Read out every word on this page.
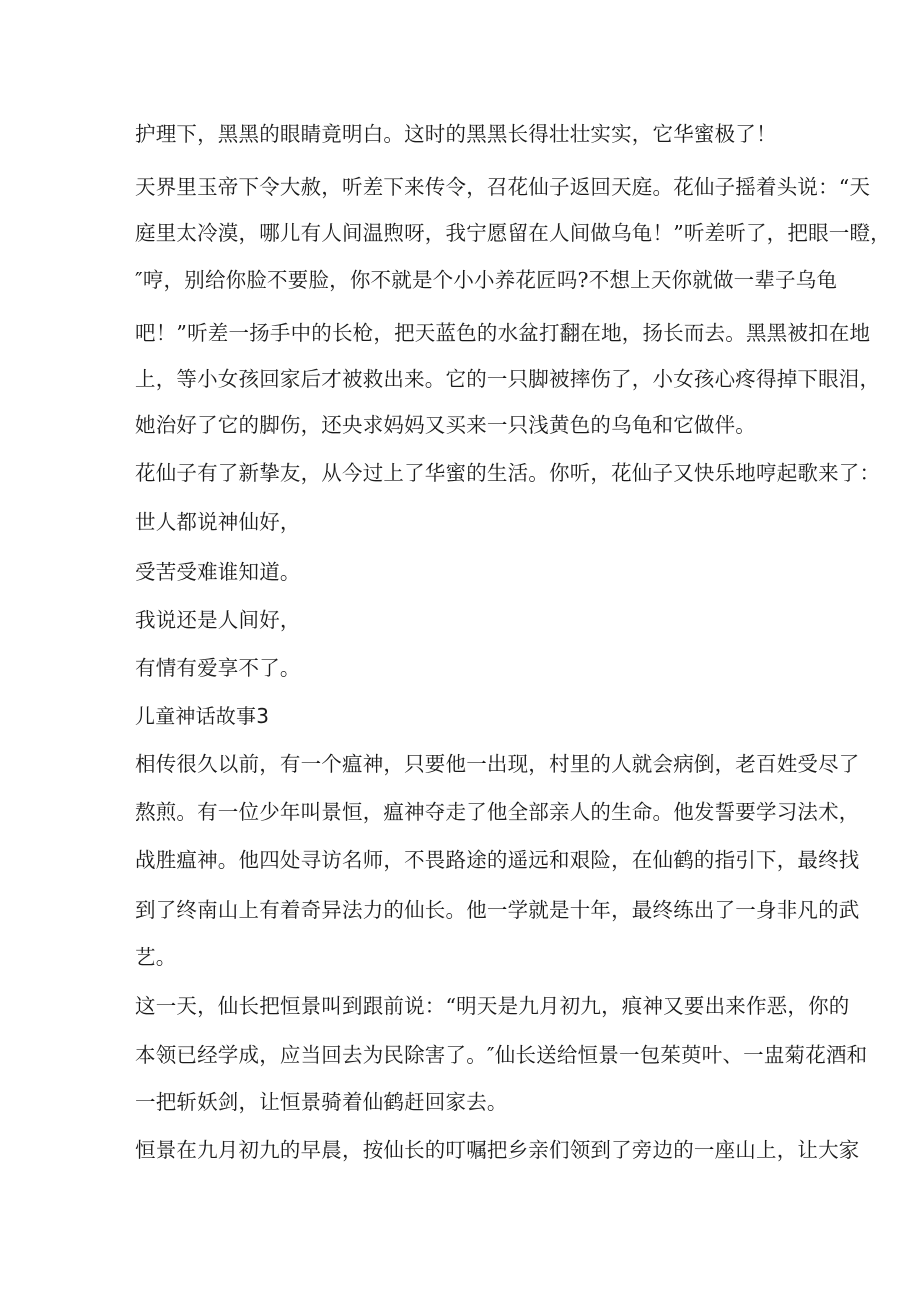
护理下，黑黑的眼睛竟明白。这时的黑黑长得壮壮实实，它华蜜极了！
天界里玉帝下令大赦，听差下来传令，召花仙子返回天庭。花仙子摇着头说：“天
庭里太冷漠，哪儿有人间温煦呀，我宁愿留在人间做乌龟！”听差听了，把眼一瞪，
″哼，别给你脸不要脸，你不就是个小小养花匠吗?不想上天你就做一辈子乌龟
吧！”听差一扬手中的长枪，把天蓝色的水盆打翻在地，扬长而去。黑黑被扣在地
上，等小女孩回家后才被救出来。它的一只脚被摔伤了，小女孩心疼得掉下眼泪，
她治好了它的脚伤，还央求妈妈又买来一只浅黄色的乌龟和它做伴。
花仙子有了新挚友，从今过上了华蜜的生活。你听，花仙子又快乐地哼起歌来了：
世人都说神仙好，
受苦受难谁知道。
我说还是人间好，
有情有爱享不了。
儿童神话故事3
相传很久以前，有一个瘟神，只要他一出现，村里的人就会病倒，老百姓受尽了
熬煎。有一位少年叫景恒，瘟神夺走了他全部亲人的生命。他发誓要学习法术，
战胜瘟神。他四处寻访名师，不畏路途的遥远和艰险，在仙鹤的指引下，最终找
到了终南山上有着奇异法力的仙长。他一学就是十年，最终练出了一身非凡的武
艺。
这一天，仙长把恒景叫到跟前说：“明天是九月初九，痕神又要出来作恶，你的
本领已经学成，应当回去为民除害了。″仙长送给恒景一包茱萸叶、一盅菊花酒和
一把斩妖剑，让恒景骑着仙鹤赶回家去。
恒景在九月初九的早晨，按仙长的叮嘱把乡亲们领到了旁边的一座山上，让大家
